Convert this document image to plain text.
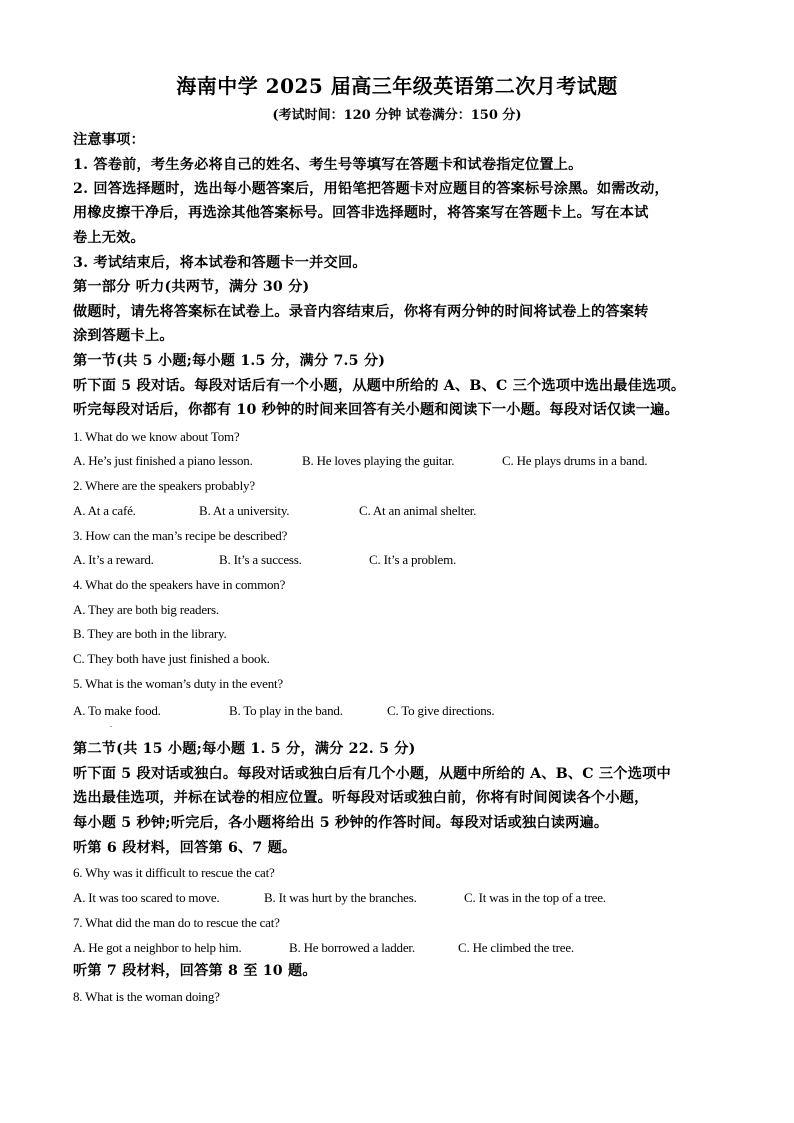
海南中学 2025 届高三年级英语第二次月考试题
(考试时间：120 分钟 试卷满分：150 分)
注意事项：
1. 答卷前，考生务必将自己的姓名、考生号等填写在答题卡和试卷指定位置上。
2. 回答选择题时，选出每小题答案后，用铅笔把答题卡对应题目的答案标号涂黑。如需改动，
用橡皮擦干净后，再选涂其他答案标号。回答非选择题时，将答案写在答题卡上。写在本试
卷上无效。
3. 考试结束后，将本试卷和答题卡一并交回。
第一部分 听力(共两节，满分 30 分)
做题时，请先将答案标在试卷上。录音内容结束后，你将有两分钟的时间将试卷上的答案转
涂到答题卡上。
第一节(共 5 小题;每小题 1.5 分，满分 7.5 分)
听下面 5 段对话。每段对话后有一个小题，从题中所给的 A、B、C 三个选项中选出最佳选项。
听完每段对话后，你都有 10 秒钟的时间来回答有关小题和阅读下一小题。每段对话仅读一遍。
1. What do we know about Tom?
A. He’s just finished a piano lesson.	B. He loves playing the guitar.	C. He plays drums in a band.
2. Where are the speakers probably?
A. At a café.	B. At a university.	C. At an animal shelter.
3. How can the man’s recipe be described?
A. It’s a reward.	B. It’s a success.	C. It’s a problem.
4. What do the speakers have in common?
A. They are both big readers.
B. They are both in the library.
C. They both have just finished a book.
5. What is the woman’s duty in the event?
A. To make food.	B. To play in the band.	C. To give directions.
.
第二节(共 15 小题;每小题 1. 5 分，满分 22. 5 分)
听下面 5 段对话或独白。每段对话或独白后有几个小题，从题中所给的 A、B、C 三个选项中
选出最佳选项，并标在试卷的相应位置。听每段对话或独白前，你将有时间阅读各个小题，
每小题 5 秒钟;听完后，各小题将给出 5 秒钟的作答时间。每段对话或独白读两遍。
听第 6 段材料，回答第 6、7 题。
6. Why was it difficult to rescue the cat?
A. It was too scared to move.	B. It was hurt by the branches.	C. It was in the top of a tree.
7. What did the man do to rescue the cat?
A. He got a neighbor to help him.	B. He borrowed a ladder.	C. He climbed the tree.
听第 7 段材料，回答第 8 至 10 题。
8. What is the woman doing?
